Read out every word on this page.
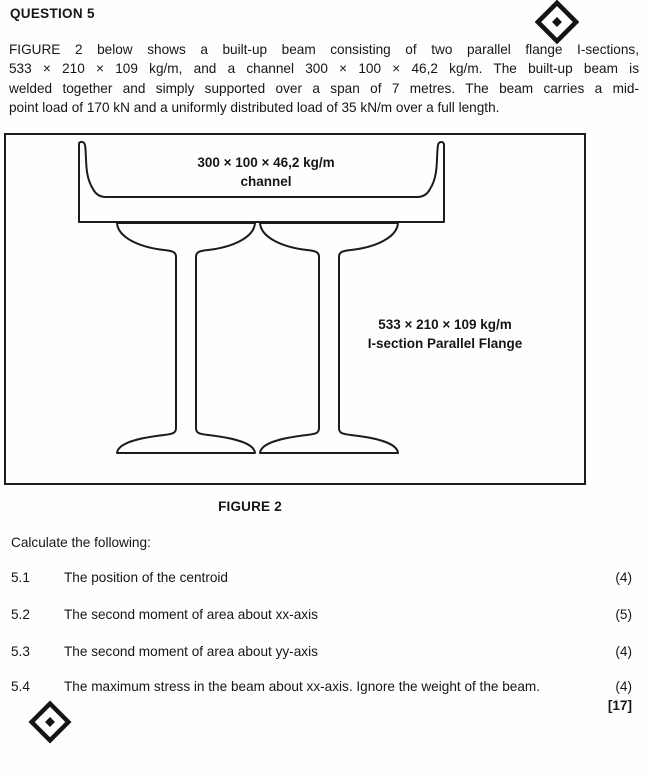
QUESTION 5
FIGURE 2 below shows a built-up beam consisting of two parallel flange I-sections,
533 × 210 × 109 kg/m, and a channel 300 × 100 × 46,2 kg/m. The built-up beam is
welded together and simply supported over a span of 7 metres. The beam carries a mid-
point load of 170 kN and a uniformly distributed load of 35 kN/m over a full length.
300 × 100 × 46,2 kg/m
channel
533 × 210 × 109 kg/m
I-section Parallel Flange
FIGURE 2
Calculate the following:
5.1	The position of the centroid	(4)
5.2	The second moment of area about xx-axis	(5)
5.3	The second moment of area about yy-axis	(4)
5.4	The maximum stress in the beam about xx-axis. Ignore the weight of the beam.	(4)
[17]
